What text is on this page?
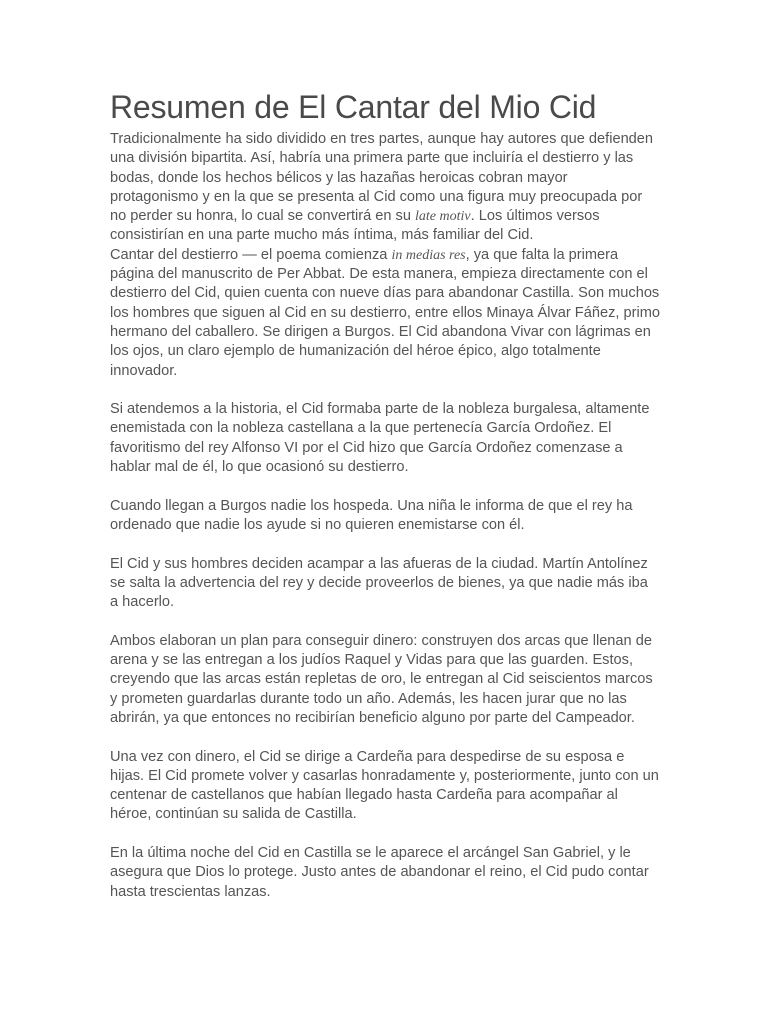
Resumen de El Cantar del Mio Cid

Tradicionalmente ha sido dividido en tres partes, aunque hay autores que defienden una división bipartita. Así, habría una primera parte que incluiría el destierro y las bodas, donde los hechos bélicos y las hazañas heroicas cobran mayor protagonismo y en la que se presenta al Cid como una figura muy preocupada por no perder su honra, lo cual se convertirá en su late motiv. Los últimos versos consistirían en una parte mucho más íntima, más familiar del Cid.

Cantar del destierro — el poema comienza in medias res, ya que falta la primera página del manuscrito de Per Abbat. De esta manera, empieza directamente con el destierro del Cid, quien cuenta con nueve días para abandonar Castilla. Son muchos los hombres que siguen al Cid en su destierro, entre ellos Minaya Álvar Fáñez, primo hermano del caballero. Se dirigen a Burgos. El Cid abandona Vivar con lágrimas en los ojos, un claro ejemplo de humanización del héroe épico, algo totalmente innovador.

Si atendemos a la historia, el Cid formaba parte de la nobleza burgalesa, altamente enemistada con la nobleza castellana a la que pertenecía García Ordoñez. El favoritismo del rey Alfonso VI por el Cid hizo que García Ordoñez comenzase a hablar mal de él, lo que ocasionó su destierro.

Cuando llegan a Burgos nadie los hospeda. Una niña le informa de que el rey ha ordenado que nadie los ayude si no quieren enemistarse con él.

El Cid y sus hombres deciden acampar a las afueras de la ciudad. Martín Antolínez se salta la advertencia del rey y decide proveerlos de bienes, ya que nadie más iba a hacerlo.

Ambos elaboran un plan para conseguir dinero: construyen dos arcas que llenan de arena y se las entregan a los judíos Raquel y Vidas para que las guarden. Estos, creyendo que las arcas están repletas de oro, le entregan al Cid seiscientos marcos y prometen guardarlas durante todo un año. Además, les hacen jurar que no las abrirán, ya que entonces no recibirían beneficio alguno por parte del Campeador.

Una vez con dinero, el Cid se dirige a Cardeña para despedirse de su esposa e hijas. El Cid promete volver y casarlas honradamente y, posteriormente, junto con un centenar de castellanos que habían llegado hasta Cardeña para acompañar al héroe, continúan su salida de Castilla.

En la última noche del Cid en Castilla se le aparece el arcángel San Gabriel, y le asegura que Dios lo protege. Justo antes de abandonar el reino, el Cid pudo contar hasta trescientas lanzas.
